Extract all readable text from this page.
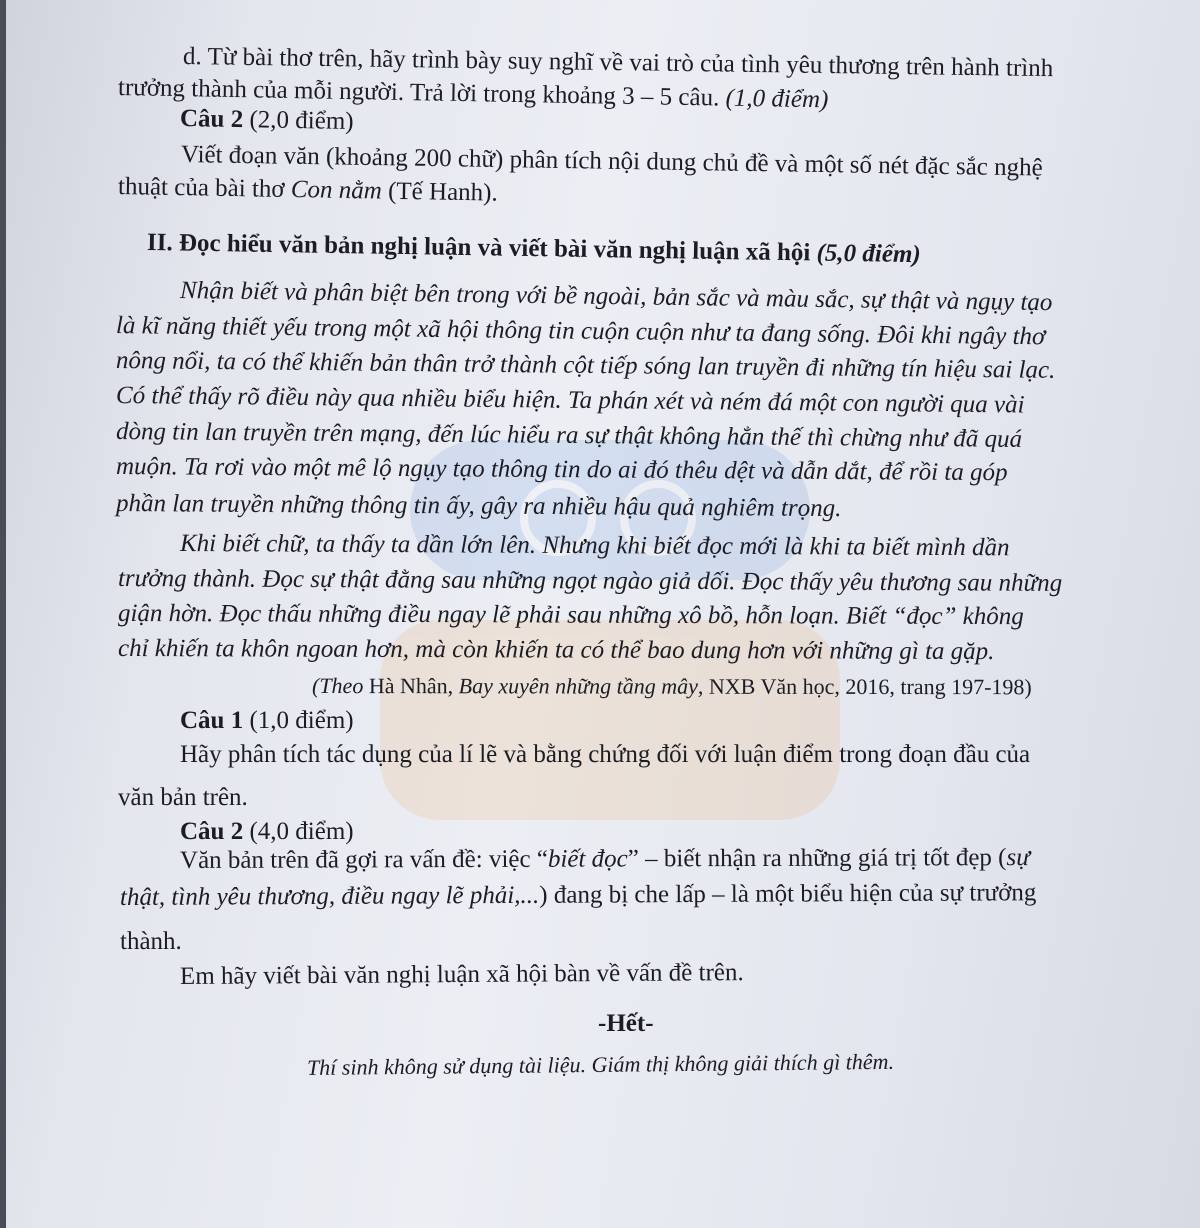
d. Từ bài thơ trên, hãy trình bày suy nghĩ về vai trò của tình yêu thương trên hành trình

trưởng thành của mỗi người. Trả lời trong khoảng 3 – 5 câu. (1,0 điểm)

Câu 2 (2,0 điểm)

Viết đoạn văn (khoảng 200 chữ) phân tích nội dung chủ đề và một số nét đặc sắc nghệ

thuật của bài thơ Con nằm (Tế Hanh).

II. Đọc hiểu văn bản nghị luận và viết bài văn nghị luận xã hội (5,0 điểm)

Nhận biết và phân biệt bên trong với bề ngoài, bản sắc và màu sắc, sự thật và ngụy tạo

là kĩ năng thiết yếu trong một xã hội thông tin cuộn cuộn như ta đang sống. Đôi khi ngây thơ

nông nổi, ta có thể khiến bản thân trở thành cột tiếp sóng lan truyền đi những tín hiệu sai lạc.

Có thể thấy rõ điều này qua nhiều biểu hiện. Ta phán xét và ném đá một con người qua vài

dòng tin lan truyền trên mạng, đến lúc hiểu ra sự thật không hẳn thế thì chừng như đã quá

muộn. Ta rơi vào một mê lộ ngụy tạo thông tin do ai đó thêu dệt và dẫn dắt, để rồi ta góp

phần lan truyền những thông tin ấy, gây ra nhiều hậu quả nghiêm trọng.

Khi biết chữ, ta thấy ta dần lớn lên. Nhưng khi biết đọc mới là khi ta biết mình dần

trưởng thành. Đọc sự thật đằng sau những ngọt ngào giả dối. Đọc thấy yêu thương sau những

giận hờn. Đọc thấu những điều ngay lẽ phải sau những xô bồ, hỗn loạn. Biết “đọc” không

chỉ khiến ta khôn ngoan hơn, mà còn khiến ta có thể bao dung hơn với những gì ta gặp.

(Theo Hà Nhân, Bay xuyên những tầng mây, NXB Văn học, 2016, trang 197-198)

Câu 1 (1,0 điểm)

Hãy phân tích tác dụng của lí lẽ và bằng chứng đối với luận điểm trong đoạn đầu của

văn bản trên.

Câu 2 (4,0 điểm)

Văn bản trên đã gợi ra vấn đề: việc “biết đọc” – biết nhận ra những giá trị tốt đẹp (sự

thật, tình yêu thương, điều ngay lẽ phải,...) đang bị che lấp – là một biểu hiện của sự trưởng

thành.

Em hãy viết bài văn nghị luận xã hội bàn về vấn đề trên.

-Hết-

Thí sinh không sử dụng tài liệu. Giám thị không giải thích gì thêm.
